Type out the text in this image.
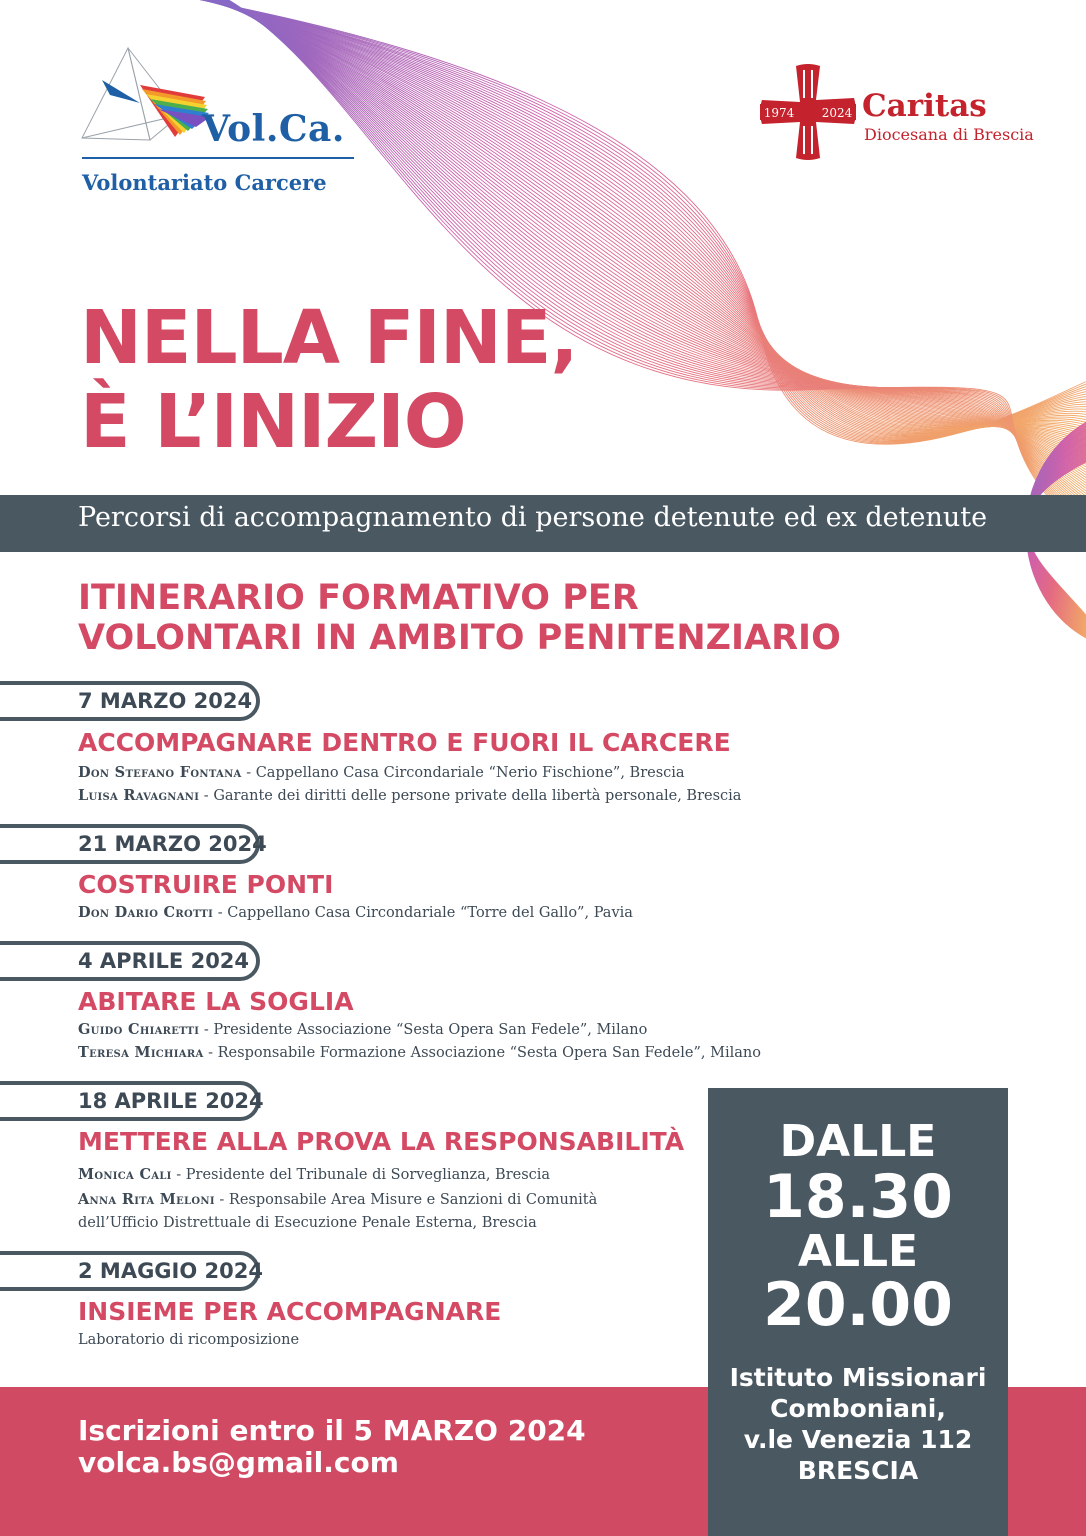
Vol.Ca.
Volontariato Carcere
1974 2024 Caritas
Diocesana di Brescia
NELLA FINE,
È L’INIZIO
Percorsi di accompagnamento di persone detenute ed ex detenute
ITINERARIO FORMATIVO PER
VOLONTARI IN AMBITO PENITENZIARIO
7 MARZO 2024
ACCOMPAGNARE DENTRO E FUORI IL CARCERE
Don Stefano Fontana - Cappellano Casa Circondariale “Nerio Fischione”, Brescia
Luisa Ravagnani - Garante dei diritti delle persone private della libertà personale, Brescia
21 MARZO 2024
COSTRUIRE PONTI
Don Dario Crotti - Cappellano Casa Circondariale “Torre del Gallo”, Pavia
4 APRILE 2024
ABITARE LA SOGLIA
Guido Chiaretti - Presidente Associazione “Sesta Opera San Fedele”, Milano
Teresa Michiara - Responsabile Formazione Associazione “Sesta Opera San Fedele”, Milano
18 APRILE 2024
METTERE ALLA PROVA LA RESPONSABILITÀ
Monica Cali - Presidente del Tribunale di Sorveglianza, Brescia
Anna Rita Meloni - Responsabile Area Misure e Sanzioni di Comunità
dell’Ufficio Distrettuale di Esecuzione Penale Esterna, Brescia
2 MAGGIO 2024
INSIEME PER ACCOMPAGNARE
Laboratorio di ricomposizione
Iscrizioni entro il 5 MARZO 2024
volca.bs@gmail.com
DALLE
18.30
ALLE
20.00
Istituto Missionari
Comboniani,
v.le Venezia 112
BRESCIA
